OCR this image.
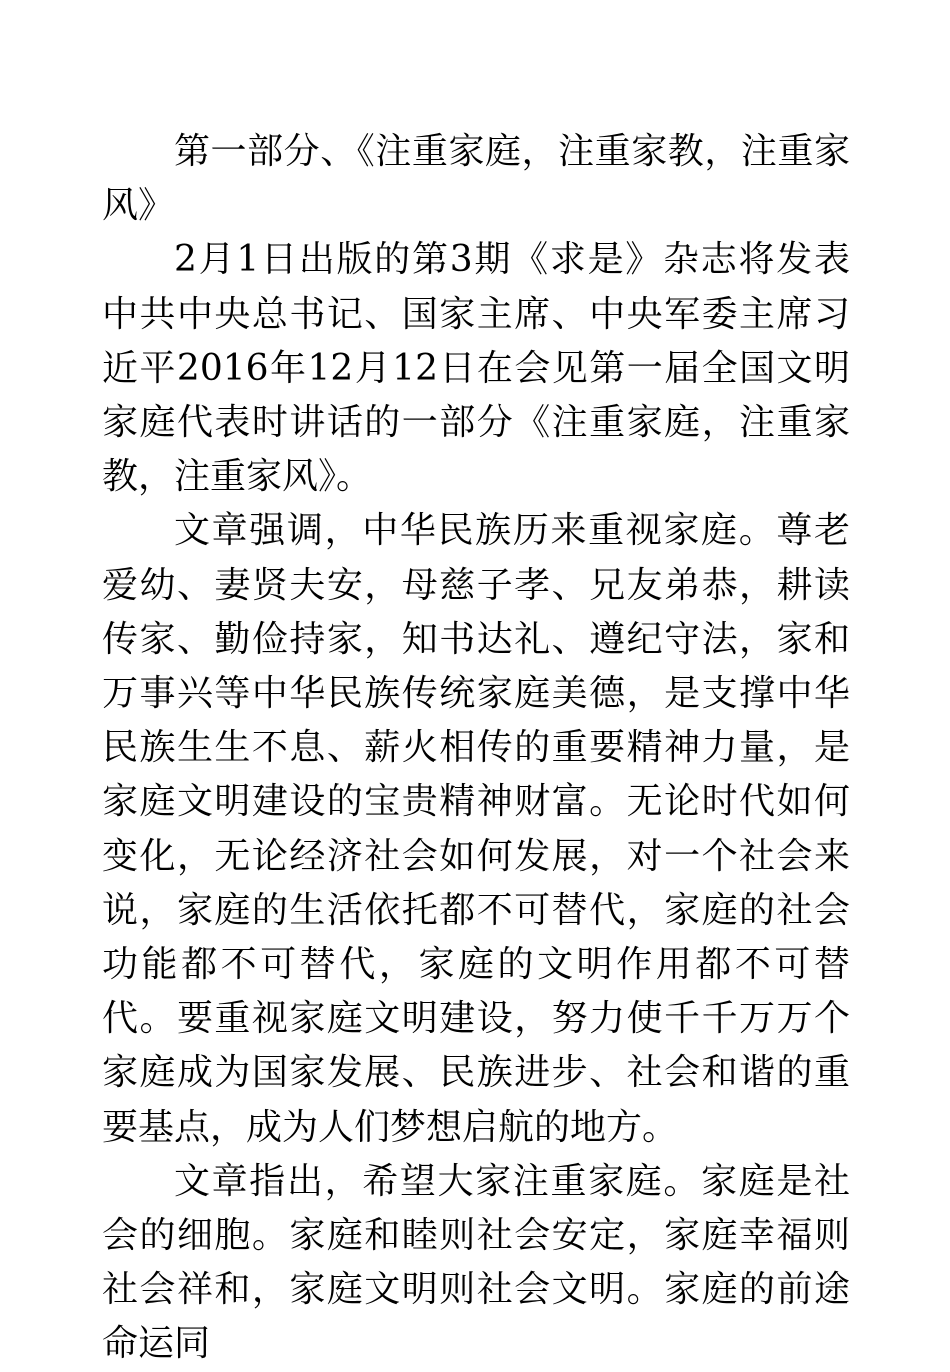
第一部分、《注重家庭，注重家教，注重家风》

2月1日出版的第3期《求是》杂志将发表中共中央总书记、国家主席、中央军委主席习近平2016年12月12日在会见第一届全国文明家庭代表时讲话的一部分《注重家庭，注重家教，注重家风》。

文章强调，中华民族历来重视家庭。尊老爱幼、妻贤夫安，母慈子孝、兄友弟恭，耕读传家、勤俭持家，知书达礼、遵纪守法，家和万事兴等中华民族传统家庭美德，是支撑中华民族生生不息、薪火相传的重要精神力量，是家庭文明建设的宝贵精神财富。无论时代如何变化，无论经济社会如何发展，对一个社会来说，家庭的生活依托都不可替代，家庭的社会功能都不可替代，家庭的文明作用都不可替代。要重视家庭文明建设，努力使千千万万个家庭成为国家发展、民族进步、社会和谐的重要基点，成为人们梦想启航的地方。

文章指出，希望大家注重家庭。家庭是社会的细胞。家庭和睦则社会安定，家庭幸福则社会祥和，家庭文明则社会文明。家庭的前途命运同
